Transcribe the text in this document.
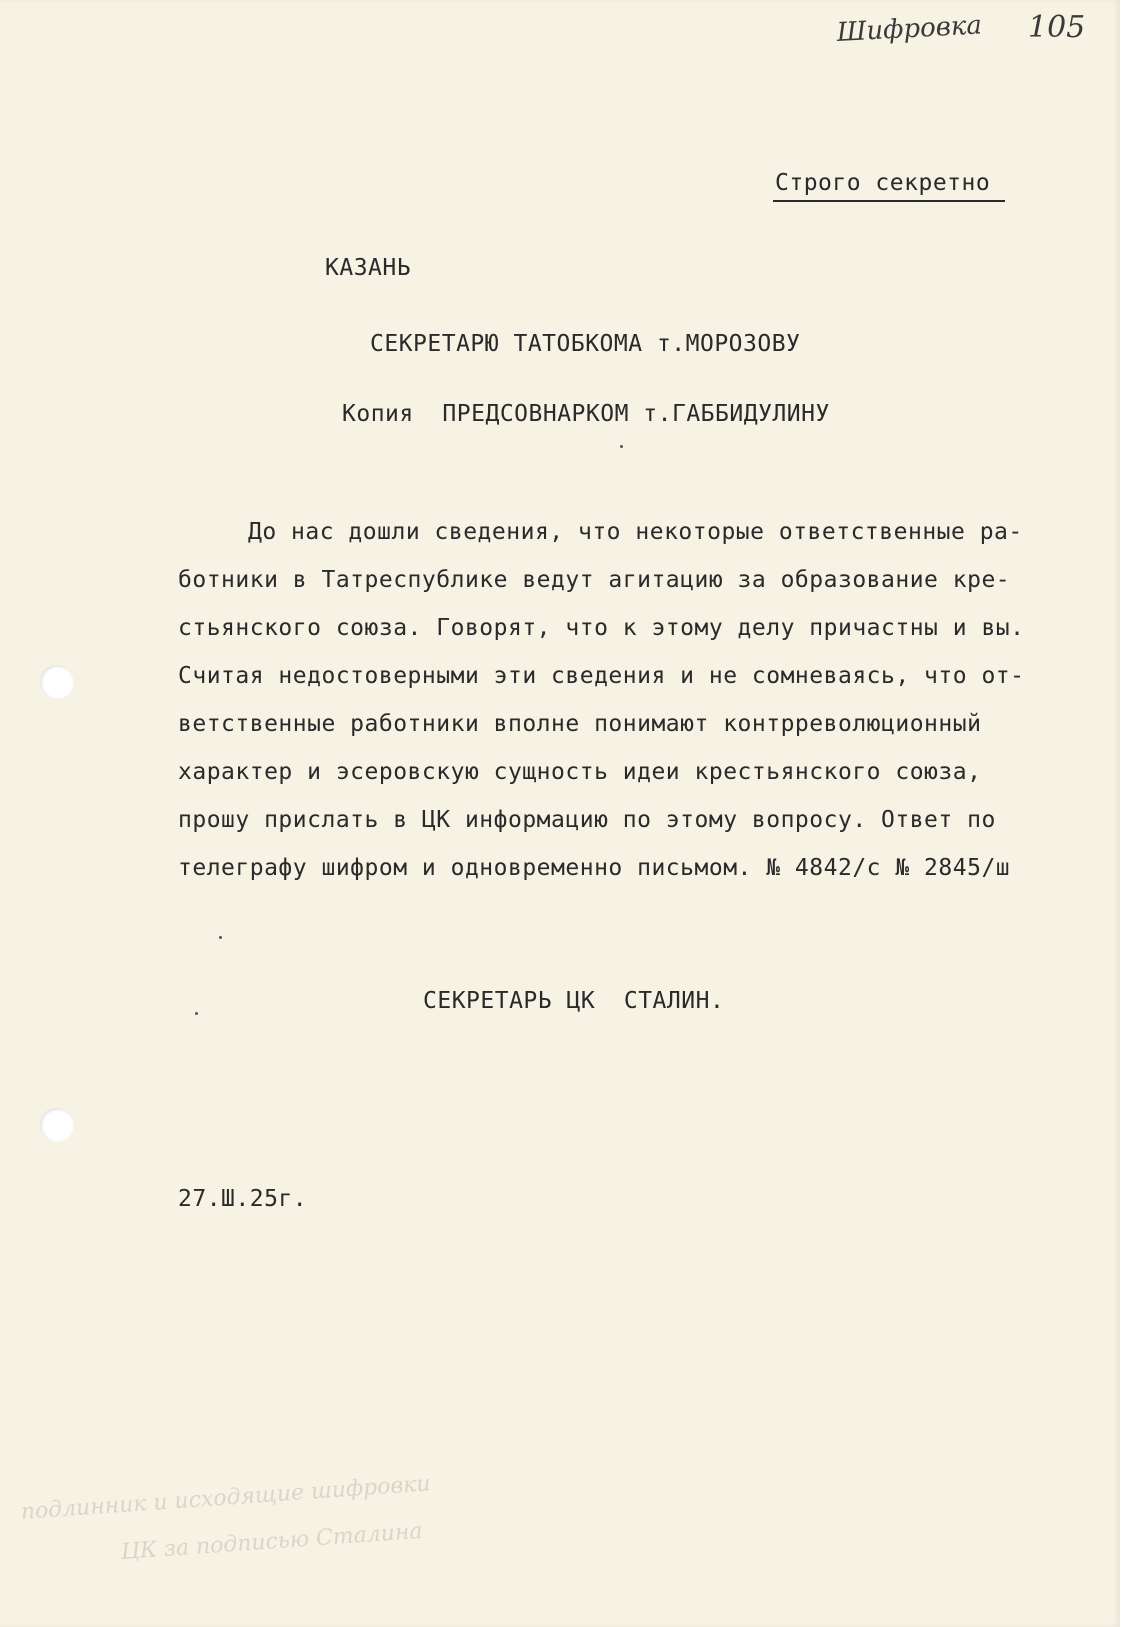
Шифровка 105
Строго секретно
КАЗАНЬ
СЕКРЕТАРЮ ТАТОБКОМА т.МОРОЗОВУ
Копия  ПРЕДСОВНАРКОМ т.ГАББИДУЛИНУ
До нас дошли сведения, что некоторые ответственные ра-
ботники в Татреспублике ведут агитацию за образование кре-
стьянского союза. Говорят, что к этому делу причастны и вы.
Считая недостоверными эти сведения и не сомневаясь, что от-
ветственные работники вполне понимают контрреволюционный
характер и эсеровскую сущность идеи крестьянского союза,
прошу прислать в ЦК информацию по этому вопросу. Ответ по
телеграфу шифром и одновременно письмом. № 4842/с № 2845/ш
СЕКРЕТАРЬ ЦК  СТАЛИН.
27.Ш.25г.
подлинник и исходящие шифровки
ЦК за подписью Сталина
